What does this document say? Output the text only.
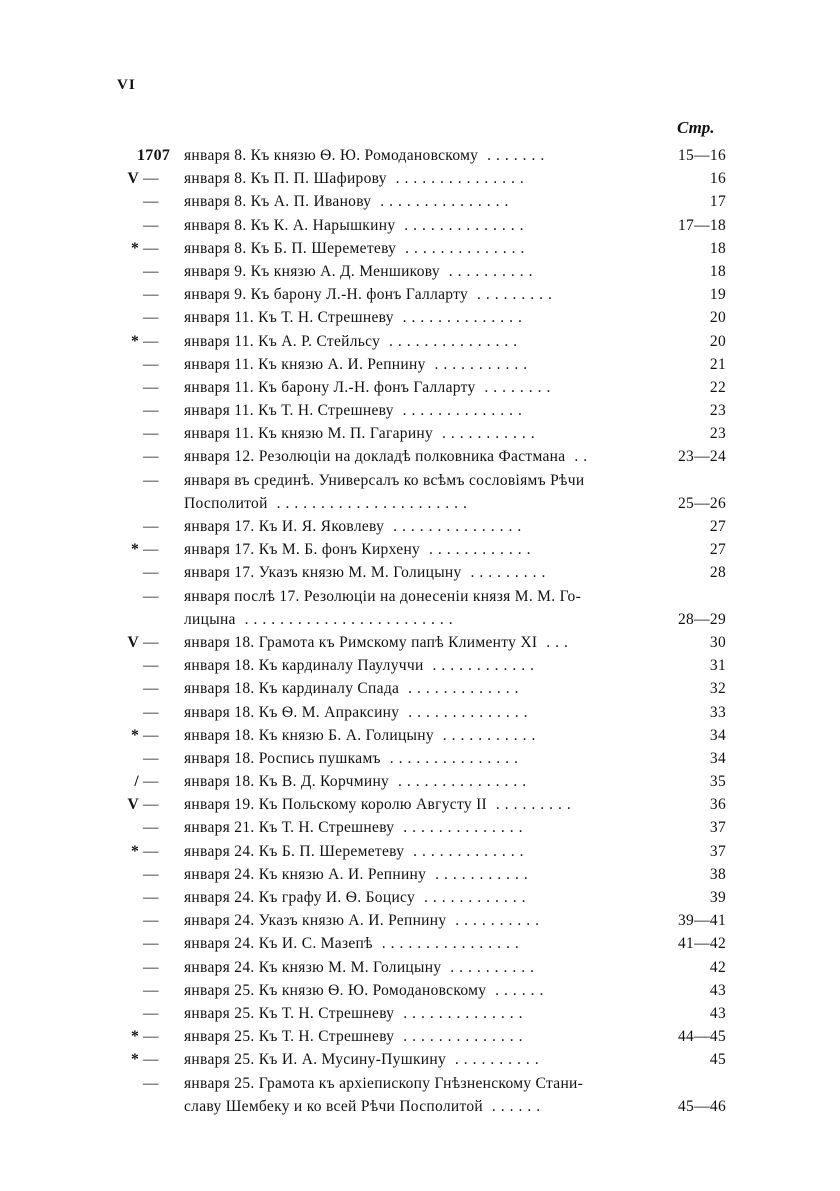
VI
Стр.
1707 января 8. Къ князю Ѳ. Ю. Ромодановскому .......	15—16
V —	января 8. Къ П. П. Шафирову ...............	16
—	января 8. Къ А. П. Иванову ...............	17
—	января 8. Къ К. А. Нарышкину ..............	17—18
* —	января 8. Къ Б. П. Шереметеву ..............	18
—	января 9. Къ князю А. Д. Меншикову ..........	18
—	января 9. Къ барону Л.-Н. фонъ Галларту .........	19
—	января 11. Къ Т. Н. Стрешневу ..............	20
* —	января 11. Къ А. Р. Стейльсу ...............	20
—	января 11. Къ князю А. И. Репнину ...........	21
—	января 11. Къ барону Л.-Н. фонъ Галларту ........	22
—	января 11. Къ Т. Н. Стрешневу ..............	23
—	января 11. Къ князю М. П. Гагарину ...........	23
—	января 12. Резолюціи на докладѣ полковника Фастмана ..	23—24
—	января въ срединѣ. Универсалъ ко всѣмъ сословіямъ Рѣчи
Посполитой ......................	25—26
—	января 17. Къ И. Я. Яковлеву ...............	27
* —	января 17. Къ М. Б. фонъ Кирхену ............	27
—	января 17. Указъ князю М. М. Голицыну .........	28
—	января послѣ 17. Резолюціи на донесеніи князя М. М. Го-
лицына ........................	28—29
V —	января 18. Грамота къ Римскому папѣ Клименту XI ...	30
—	января 18. Къ кардиналу Паулуччи ............	31
—	января 18. Къ кардиналу Спада .............	32
—	января 18. Къ Ѳ. М. Апраксину ..............	33
* —	января 18. Къ князю Б. А. Голицыну ...........	34
—	января 18. Роспись пушкамъ ...............	34
/ —	января 18. Къ В. Д. Корчмину ...............	35
V —	января 19. Къ Польскому королю Августу II .........	36
—	января 21. Къ Т. Н. Стрешневу ..............	37
* —	января 24. Къ Б. П. Шереметеву .............	37
—	января 24. Къ князю А. И. Репнину ...........	38
—	января 24. Къ графу И. Ѳ. Боцису ............	39
—	января 24. Указъ князю А. И. Репнину ..........	39—41
—	января 24. Къ И. С. Мазепѣ ................	41—42
—	января 24. Къ князю М. М. Голицыну ..........	42
—	января 25. Къ князю Ѳ. Ю. Ромодановскому ......	43
—	января 25. Къ Т. Н. Стрешневу ..............	43
* —	января 25. Къ Т. Н. Стрешневу ..............	44—45
* —	января 25. Къ И. А. Мусину-Пушкину ..........	45
—	января 25. Грамота къ архіепископу Гнѣзненскому Стани-
славу Шембеку и ко всей Рѣчи Посполитой ......	45—46
